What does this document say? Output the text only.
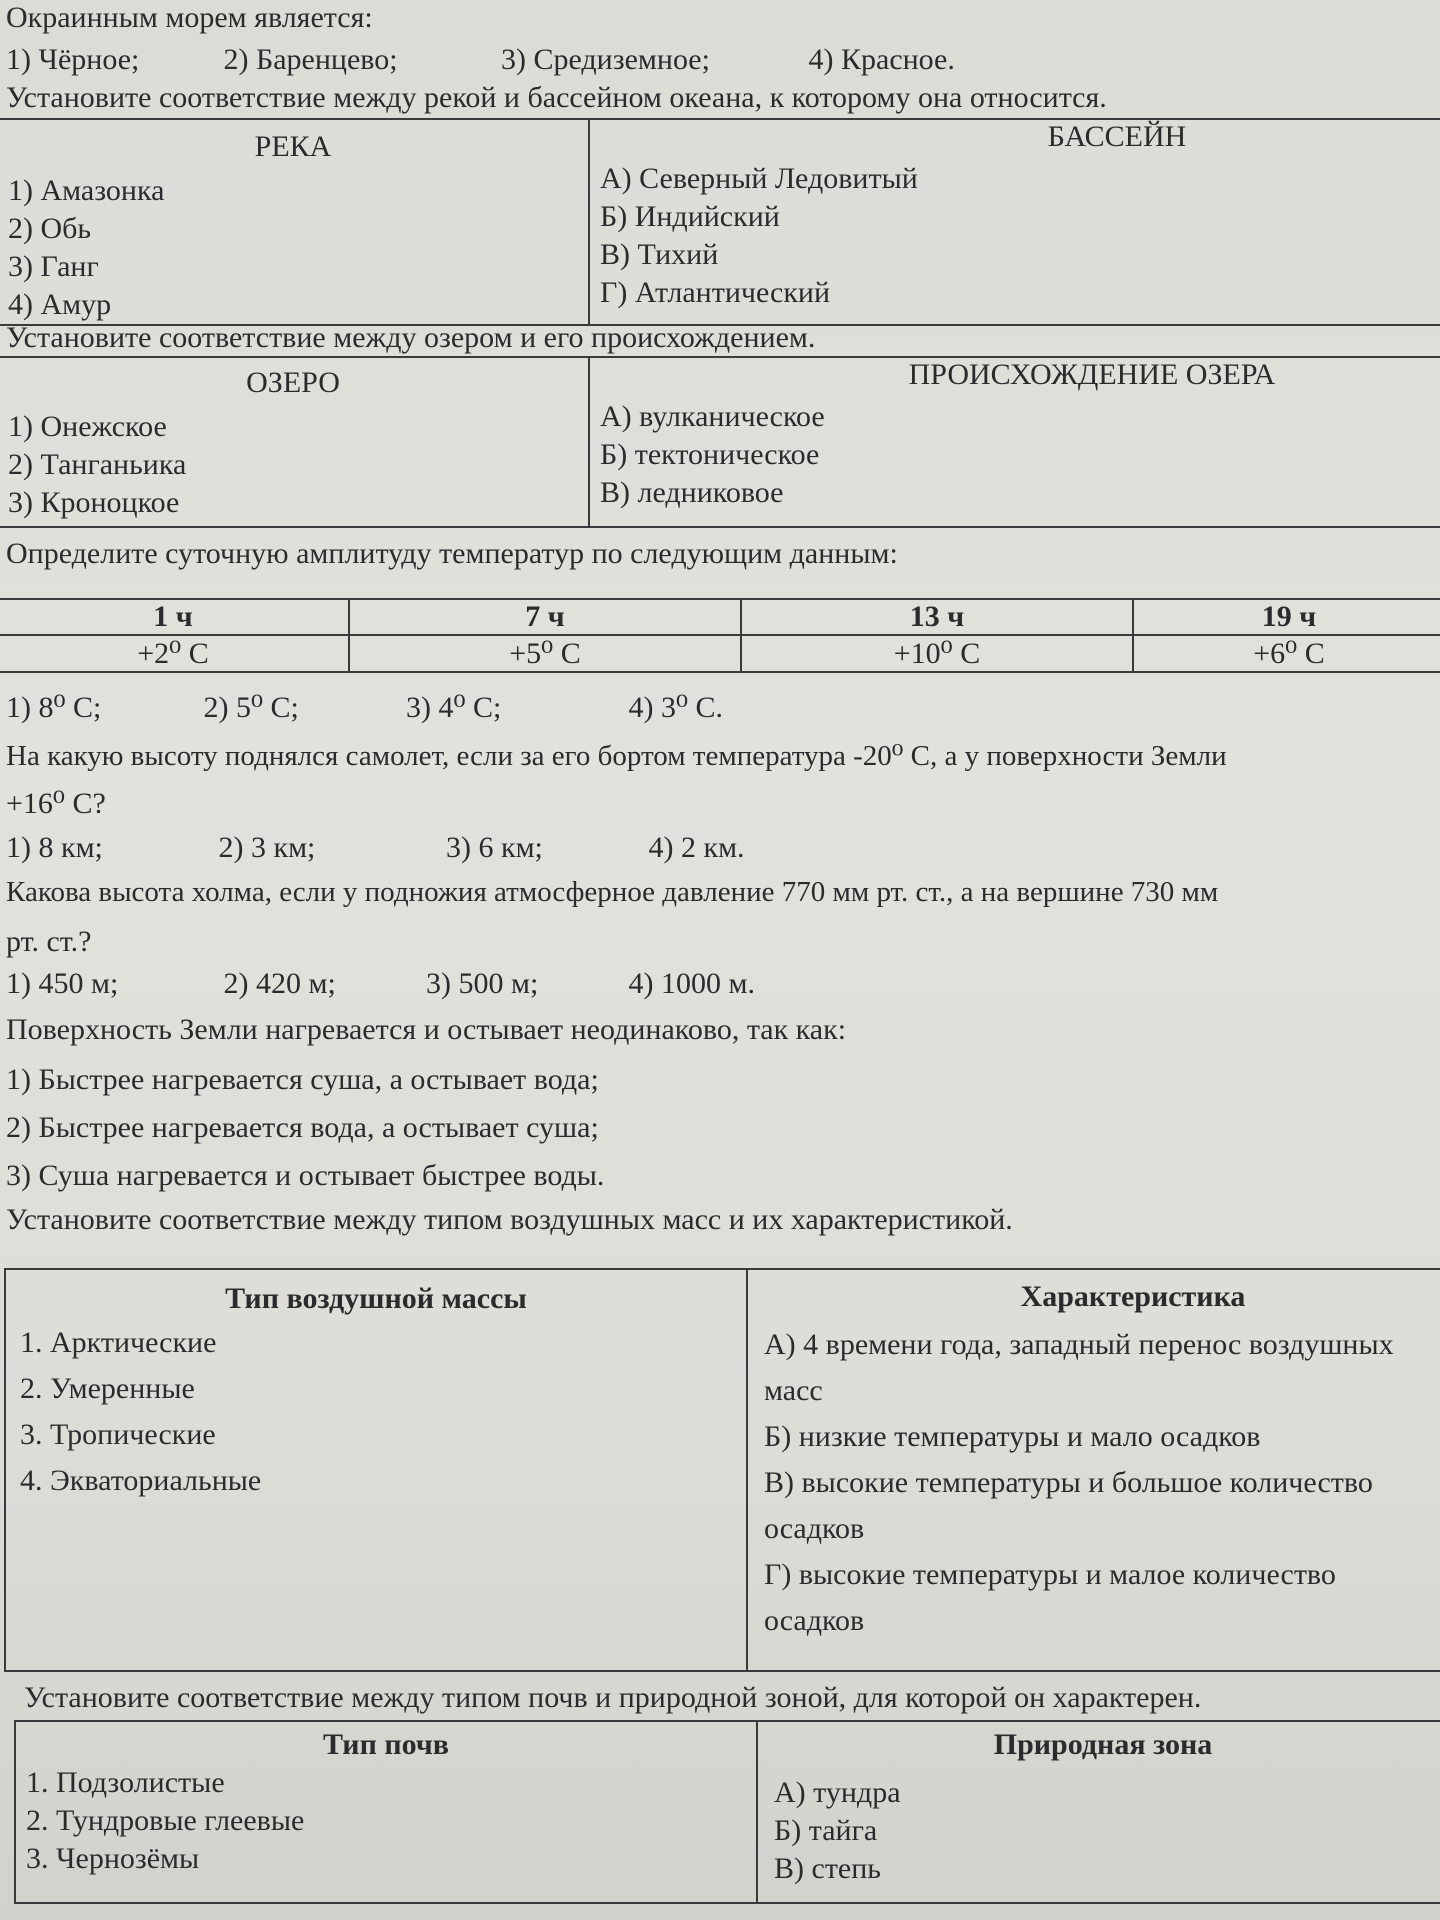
Окраинным морем является:
1) Чёрное;	2) Баренцево;	3) Средиземное;	4) Красное.
Установите соответствие между рекой и бассейном океана, к которому она относится.
РЕКА
1) Амазонка
2) Обь
3) Ганг
4) Амур

БАССЕЙН
А) Северный Ледовитый
Б) Индийский
В) Тихий
Г) Атлантический
Установите соответствие между озером и его происхождением.
ОЗЕРО
1) Онежское
2) Танганьика
3) Кроноцкое

ПРОИСХОЖДЕНИЕ ОЗЕРА
А) вулканическое
Б) тектоническое
В) ледниковое
Определите суточную амплитуду температур по следующим данным:
1 ч	7 ч	13 ч	19 ч
+2⁰ С	+5⁰ С	+10⁰ С	+6⁰ С
1) 8⁰ С;	2) 5⁰ С;	3) 4⁰ С;	4) 3⁰ С.
На какую высоту поднялся самолет, если за его бортом температура -20⁰ С, а у поверхности Земли
+16⁰ С?
1) 8 км;	2) 3 км;	3) 6 км;	4) 2 км.
Какова высота холма, если у подножия атмосферное давление 770 мм рт. ст., а на вершине 730 мм
рт. ст.?
1) 450 м;	2) 420 м;	3) 500 м;	4) 1000 м.
Поверхность Земли нагревается и остывает неодинаково, так как:
1) Быстрее нагревается суша, а остывает вода;
2) Быстрее нагревается вода, а остывает суша;
3) Суша нагревается и остывает быстрее воды.
Установите соответствие между типом воздушных масс и их характеристикой.
Тип воздушной массы
1. Арктические
2. Умеренные
3. Тропические
4. Экваториальные

Характеристика
А) 4 времени года, западный перенос воздушных масс
Б) низкие температуры и мало осадков
В) высокие температуры и большое количество осадков
Г) высокие температуры и малое количество осадков
Установите соответствие между типом почв и природной зоной, для которой он характерен.
Тип почв
1. Подзолистые
2. Тундровые глеевые
3. Чернозёмы

Природная зона
А) тундра
Б) тайга
В) степь
